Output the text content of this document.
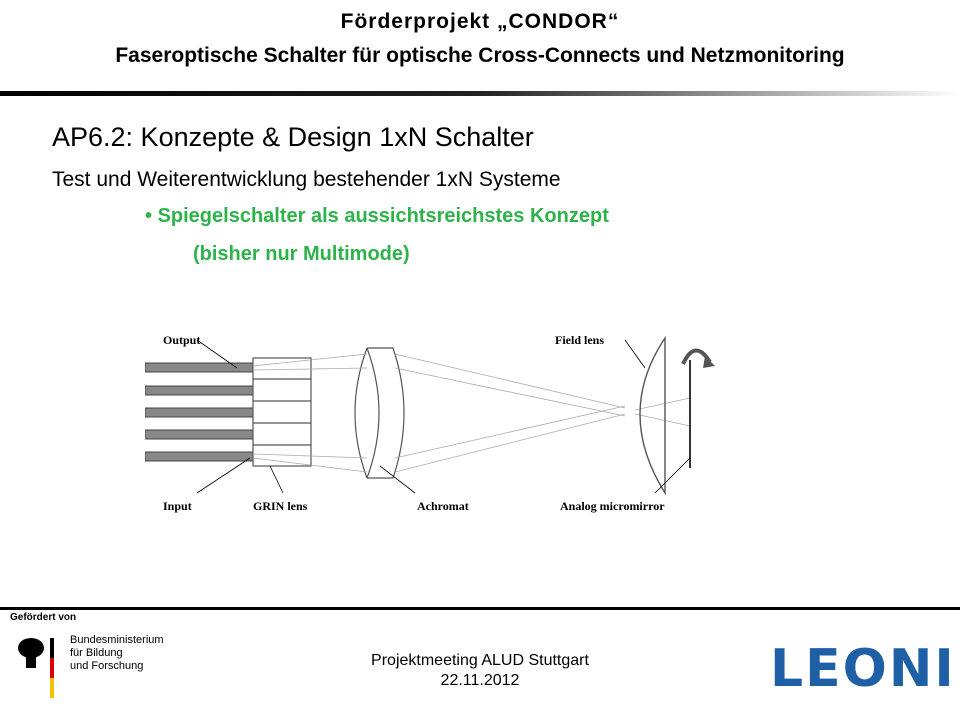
Förderprojekt „CONDOR“
Faseroptische Schalter für optische Cross-Connects und Netzmonitoring
AP6.2: Konzepte & Design 1xN Schalter
Test und Weiterentwicklung bestehender 1xN Systeme
• Spiegelschalter als aussichtsreichstes Konzept
(bisher nur Multimode)
Output
Input	GRIN lens	Achromat
Field lens
Analog micromirror
Gefördert von
Bundesministerium
für Bildung
und Forschung	Projektmeeting ALUD Stuttgart
22.11.2012	LEONI
